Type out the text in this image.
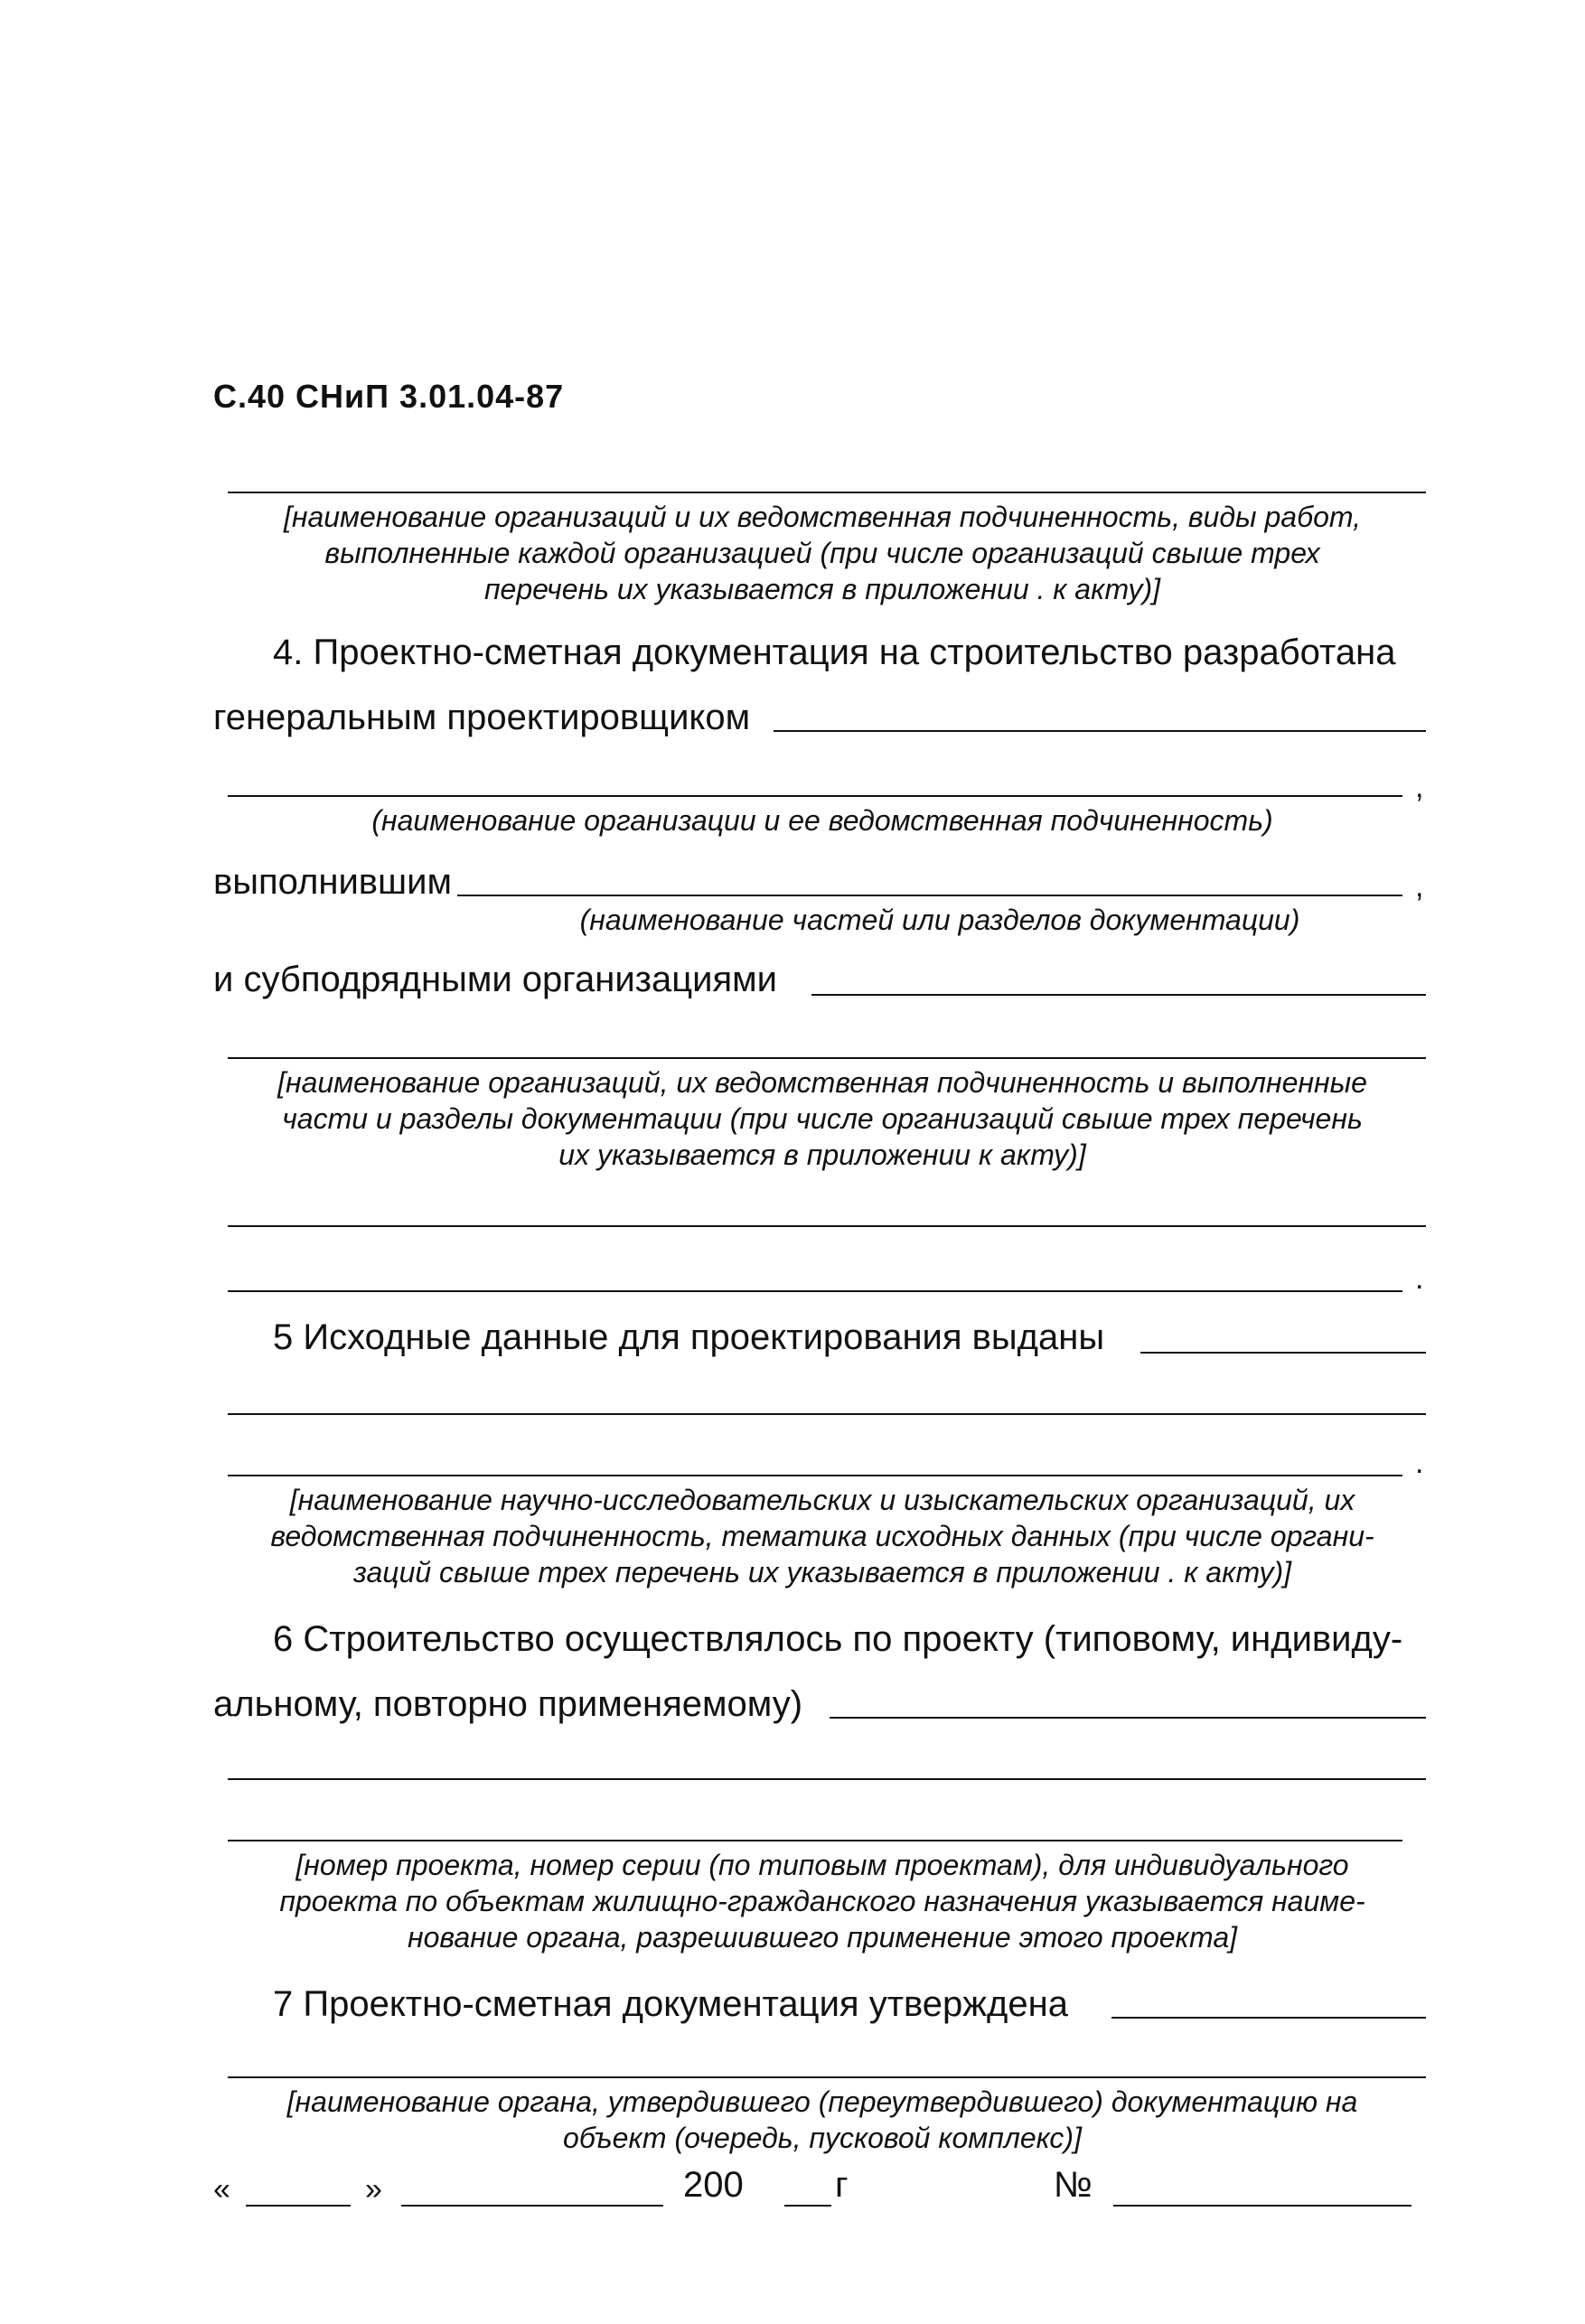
С.40 СНиП 3.01.04-87
[наименование организаций и их ведомственная подчиненность, виды работ,
выполненные каждой организацией (при числе организаций свыше трех
перечень их указывается в приложении . к акту)]
4. Проектно-сметная документация на строительство разработана
генеральным проектировщиком
,
(наименование организации и ее ведомственная подчиненность)
выполнившим	,
(наименование частей или разделов документации)
и субподрядными организациями
[наименование организаций, их ведомственная подчиненность и выполненные
части и разделы документации (при числе организаций свыше трех перечень
их указывается в приложении к акту)]
.
5 Исходные данные для проектирования выданы
.
[наименование научно-исследовательских и изыскательских организаций, их
ведомственная подчиненность, тематика исходных данных (при числе органи-
заций свыше трех перечень их указывается в приложении . к акту)]
6 Строительство осуществлялось по проекту (типовому, индивиду-
альному, повторно применяемому)
[номер проекта, номер серии (по типовым проектам), для индивидуального
проекта по объектам жилищно-гражданского назначения указывается наиме-
нование органа, разрешившего применение этого проекта]
7 Проектно-сметная документация утверждена
[наименование органа, утвердившего (переутвердившего) документацию на
объект (очередь, пусковой комплекс)]
«	»	200	г	№
